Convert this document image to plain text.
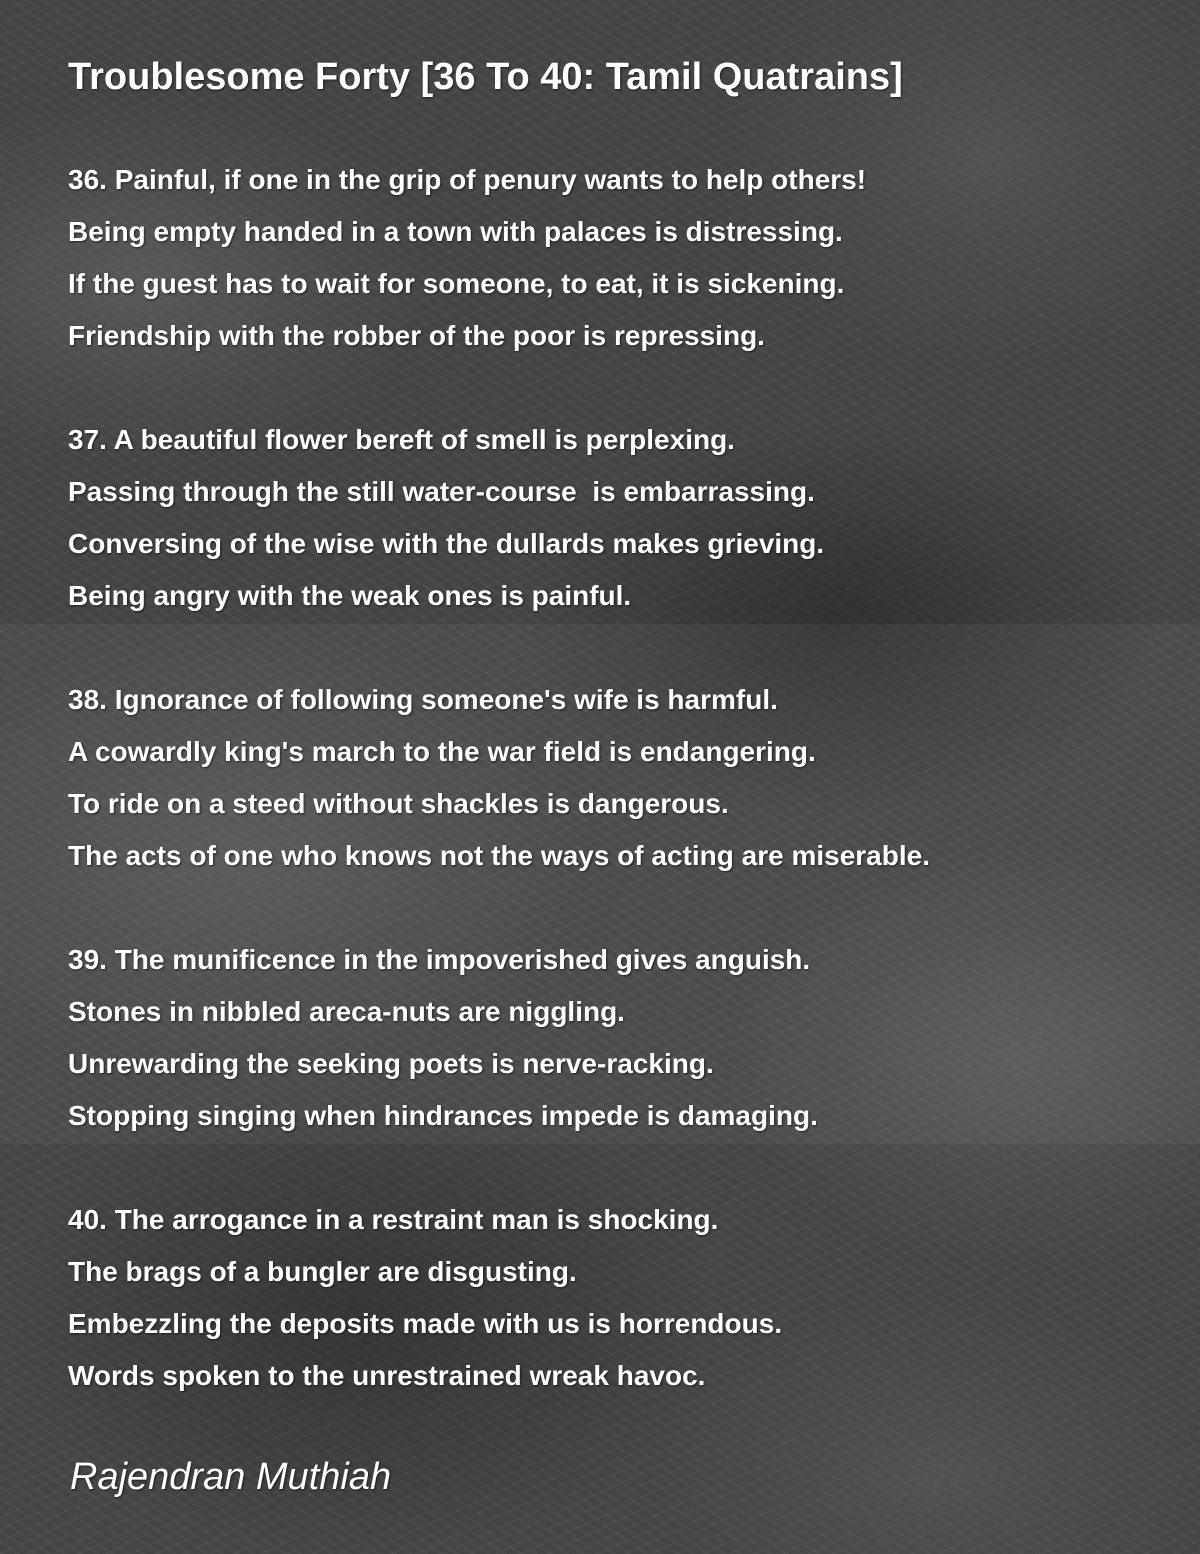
Troublesome Forty [36 To 40: Tamil Quatrains]
36. Painful, if one in the grip of penury wants to help others!
Being empty handed in a town with palaces is distressing.
If the guest has to wait for someone, to eat, it is sickening.
Friendship with the robber of the poor is repressing.
37. A beautiful flower bereft of smell is perplexing.
Passing through the still water-course  is embarrassing.
Conversing of the wise with the dullards makes grieving.
Being angry with the weak ones is painful.
38. Ignorance of following someone's wife is harmful.
A cowardly king's march to the war field is endangering.
To ride on a steed without shackles is dangerous.
The acts of one who knows not the ways of acting are miserable.
39. The munificence in the impoverished gives anguish.
Stones in nibbled areca-nuts are niggling.
Unrewarding the seeking poets is nerve-racking.
Stopping singing when hindrances impede is damaging.
40. The arrogance in a restraint man is shocking.
The brags of a bungler are disgusting.
Embezzling the deposits made with us is horrendous.
Words spoken to the unrestrained wreak havoc.

Rajendran Muthiah
